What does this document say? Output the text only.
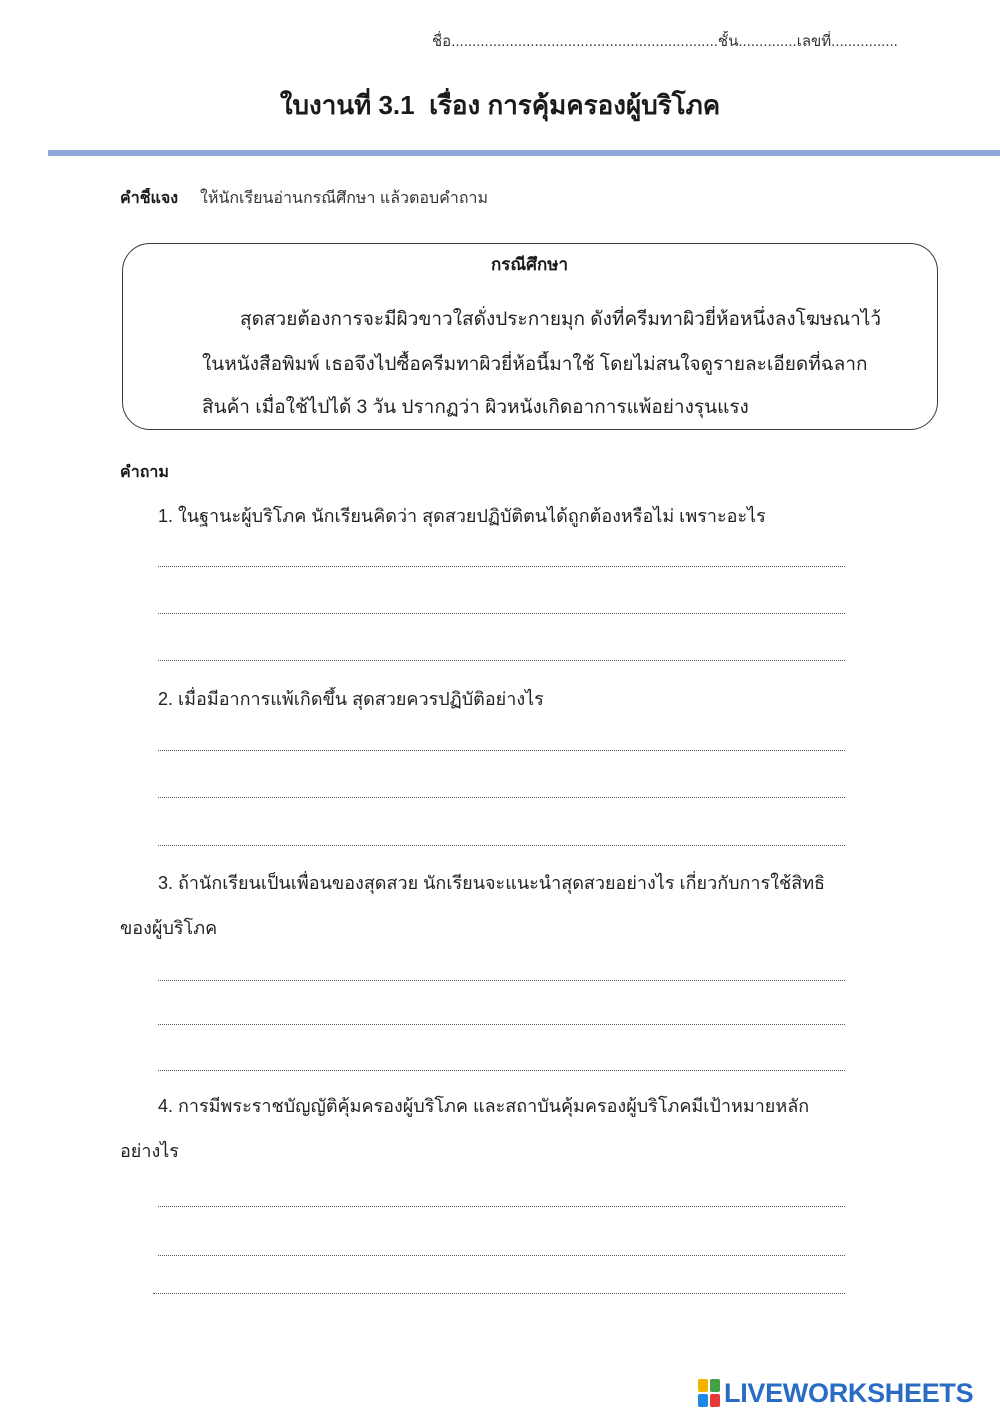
ชื่อ................................................................ชั้น..............เลขที่................
ใบงานที่ 3.1  เรื่อง การคุ้มครองผู้บริโภค
คำชี้แจง ให้นักเรียนอ่านกรณีศึกษา แล้วตอบคำถาม
กรณีศึกษา
สุดสวยต้องการจะมีผิวขาวใสดั่งประกายมุก ดังที่ครีมทาผิวยี่ห้อหนึ่งลงโฆษณาไว้
ในหนังสือพิมพ์ เธอจึงไปซื้อครีมทาผิวยี่ห้อนี้มาใช้ โดยไม่สนใจดูรายละเอียดที่ฉลาก
สินค้า เมื่อใช้ไปได้ 3 วัน ปรากฏว่า ผิวหนังเกิดอาการแพ้อย่างรุนแรง
คำถาม
1. ในฐานะผู้บริโภค นักเรียนคิดว่า สุดสวยปฏิบัติตนได้ถูกต้องหรือไม่ เพราะอะไร
2. เมื่อมีอาการแพ้เกิดขึ้น สุดสวยควรปฏิบัติอย่างไร
3. ถ้านักเรียนเป็นเพื่อนของสุดสวย นักเรียนจะแนะนำสุดสวยอย่างไร เกี่ยวกับการใช้สิทธิ
ของผู้บริโภค
4. การมีพระราชบัญญัติคุ้มครองผู้บริโภค และสถาบันคุ้มครองผู้บริโภคมีเป้าหมายหลัก
อย่างไร
LIVEWORKSHEETS
